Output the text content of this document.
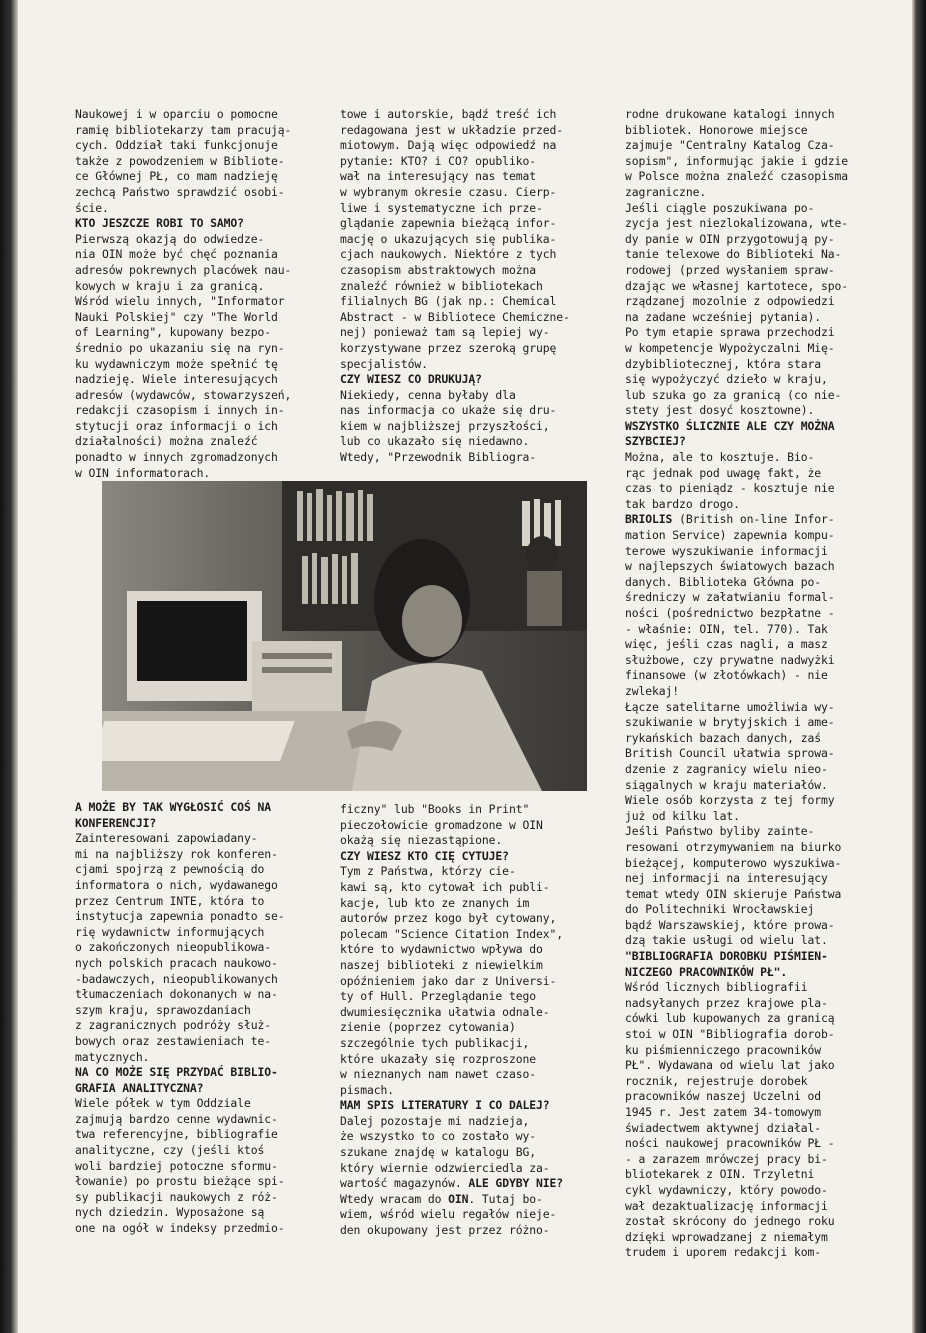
Naukowej i w oparciu o pomocne
ramię bibliotekarzy tam pracują-
cych. Oddział taki funkcjonuje
także z powodzeniem w Bibliote-
ce Głównej PŁ, co mam nadzieję
zechcą Państwo sprawdzić osobi-
ście.

KTO JESZCZE ROBI TO SAMO?

Pierwszą okazją do odwiedze-
nia OIN może być chęć poznania
adresów pokrewnych placówek nau-
kowych w kraju i za granicą.
Wśród wielu innych, "Informator
Nauki Polskiej" czy "The World
of Learning", kupowany bezpo-
średnio po ukazaniu się na ryn-
ku wydawniczym może spełnić tę
nadzieję. Wiele interesujących
adresów (wydawców, stowarzyszeń,
redakcji czasopism i innych in-
stytucji oraz informacji o ich
działalności) można znaleźć
ponadto w innych zgromadzonych
w OIN informatorach.

towe i autorskie, bądź treść ich
redagowana jest w układzie przed-
miotowym. Dają więc odpowiedź na
pytanie: KTO? i CO? opubliko-
wał na interesujący nas temat
w wybranym okresie czasu. Cierp-
liwe i systematyczne ich prze-
glądanie zapewnia bieżącą infor-
mację o ukazujących się publika-
cjach naukowych. Niektóre z tych
czasopism abstraktowych można
znaleźć również w bibliotekach
filialnych BG (jak np.: Chemical
Abstract - w Bibliotece Chemiczne-
nej) ponieważ tam są lepiej wy-
korzystywane przez szeroką grupę
specjalistów.

CZY WIESZ CO DRUKUJĄ?

Niekiedy, cenna byłaby dla
nas informacja co ukaże się dru-
kiem w najbliższej przyszłości,
lub co ukazało się niedawno.
Wtedy, "Przewodnik Bibliogra-

rodne drukowane katalogi innych
bibliotek. Honorowe miejsce
zajmuje "Centralny Katalog Cza-
sopism", informując jakie i gdzie
w Polsce można znaleźć czasopisma
zagraniczne.

Jeśli ciągle poszukiwana po-
zycja jest niezlokalizowana, wte-
dy panie w OIN przygotowują py-
tanie telexowe do Biblioteki Na-
rodowej (przed wysłaniem spraw-
dzając we własnej kartotece, spo-
rządzanej mozolnie z odpowiedzi
na zadane wcześniej pytania).
Po tym etapie sprawa przechodzi
w kompetencje Wypożyczalni Mię-
dzybibliotecznej, która stara
się wypożyczyć dzieło w kraju,
lub szuka go za granicą (co nie-
stety jest dosyć kosztowne).

WSZYSTKO ŚLICZNIE ALE CZY MOŻNA
SZYBCIEJ?

Można, ale to kosztuje. Bio-
rąc jednak pod uwagę fakt, że
czas to pieniądz - kosztuje nie
tak bardzo drogo.

BRIOLIS (British on-line Infor-
mation Service) zapewnia kompu-
terowe wyszukiwanie informacji
w najlepszych światowych bazach
danych. Biblioteka Główna po-
średniczy w załatwianiu formal-
ności (pośrednictwo bezpłatne -
- właśnie: OIN, tel. 770). Tak
więc, jeśli czas nagli, a masz
służbowe, czy prywatne nadwyżki
finansowe (w złotówkach) - nie
zwlekaj!
Łącze satelitarne umożliwia wy-
szukiwanie w brytyjskich i ame-
rykańskich bazach danych, zaś
British Council ułatwia sprowa-
dzenie z zagranicy wielu nieo-
siągalnych w kraju materiałów.
Wiele osób korzysta z tej formy
już od kilku lat.

Jeśli Państwo byliby zainte-
resowani otrzymywaniem na biurko
bieżącej, komputerowo wyszukiwa-
nej informacji na interesujący
temat wtedy OIN skieruje Państwa
do Politechniki Wrocławskiej
bądź Warszawskiej, które prowa-
dzą takie usługi od wielu lat.

"BIBLIOGRAFIA DOROBKU PIŚMIEN-
NICZEGO PRACOWNIKÓW PŁ".

Wśród licznych bibliografii
nadsyłanych przez krajowe pla-
cówki lub kupowanych za granicą
stoi w OIN "Bibliografia dorob-
ku piśmienniczego pracowników
PŁ". Wydawana od wielu lat jako
rocznik, rejestruje dorobek
pracowników naszej Uczelni od
1945 r. Jest zatem 34-tomowym
świadectwem aktywnej działal-
ności naukowej pracowników PŁ -
- a zarazem mrówczej pracy bi-
bliotekarek z OIN. Trzyletni
cykl wydawniczy, który powodo-
wał dezaktualizację informacji
został skrócony do jednego roku
dzięki wprowadzanej z niemałym
trudem i uporem redakcji kom-

A MOŻE BY TAK WYGŁOSIĆ COŚ NA
KONFERENCJI?

Zainteresowani zapowiadany-
mi na najbliższy rok konferen-
cjami spojrzą z pewnością do
informatora o nich, wydawanego
przez Centrum INTE, która to
instytucja zapewnia ponadto se-
rię wydawnictw informujących
o zakończonych nieopublikowa-
nych polskich pracach naukowo-
-badawczych, nieopublikowanych
tłumaczeniach dokonanych w na-
szym kraju, sprawozdaniach
z zagranicznych podróży służ-
bowych oraz zestawieniach te-
matycznych.

NA CO MOŻE SIĘ PRZYDAĆ BIBLIO-
GRAFIA ANALITYCZNA?

Wiele półek w tym Oddziale
zajmują bardzo cenne wydawnic-
twa referencyjne, bibliografie
analityczne, czy (jeśli ktoś
woli bardziej potoczne sformu-
łowanie) po prostu bieżące spi-
sy publikacji naukowych z róż-
nych dziedzin. Wyposażone są
one na ogół w indeksy przedmio-

ficzny" lub "Books in Print"
pieczołowicie gromadzone w OIN
okażą się niezastąpione.

CZY WIESZ KTO CIĘ CYTUJE?

Tym z Państwa, którzy cie-
kawi są, kto cytował ich publi-
kacje, lub kto ze znanych im
autorów przez kogo był cytowany,
polecam "Science Citation Index",
które to wydawnictwo wpływa do
naszej biblioteki z niewielkim
opóźnieniem jako dar z Universi-
ty of Hull. Przeglądanie tego
dwumiesięcznika ułatwia odnale-
zienie (poprzez cytowania)
szczególnie tych publikacji,
które ukazały się rozproszone
w nieznanych nam nawet czaso-
pismach.

MAM SPIS LITERATURY I CO DALEJ?

Dalej pozostaje mi nadzieja,
że wszystko to co zostało wy-
szukane znajdę w katalogu BG,
który wiernie odzwierciedla za-
wartość magazynów. ALE GDYBY NIE?
Wtedy wracam do OIN. Tutaj bo-
wiem, wśród wielu regałów nieje-
den okupowany jest przez różno-
